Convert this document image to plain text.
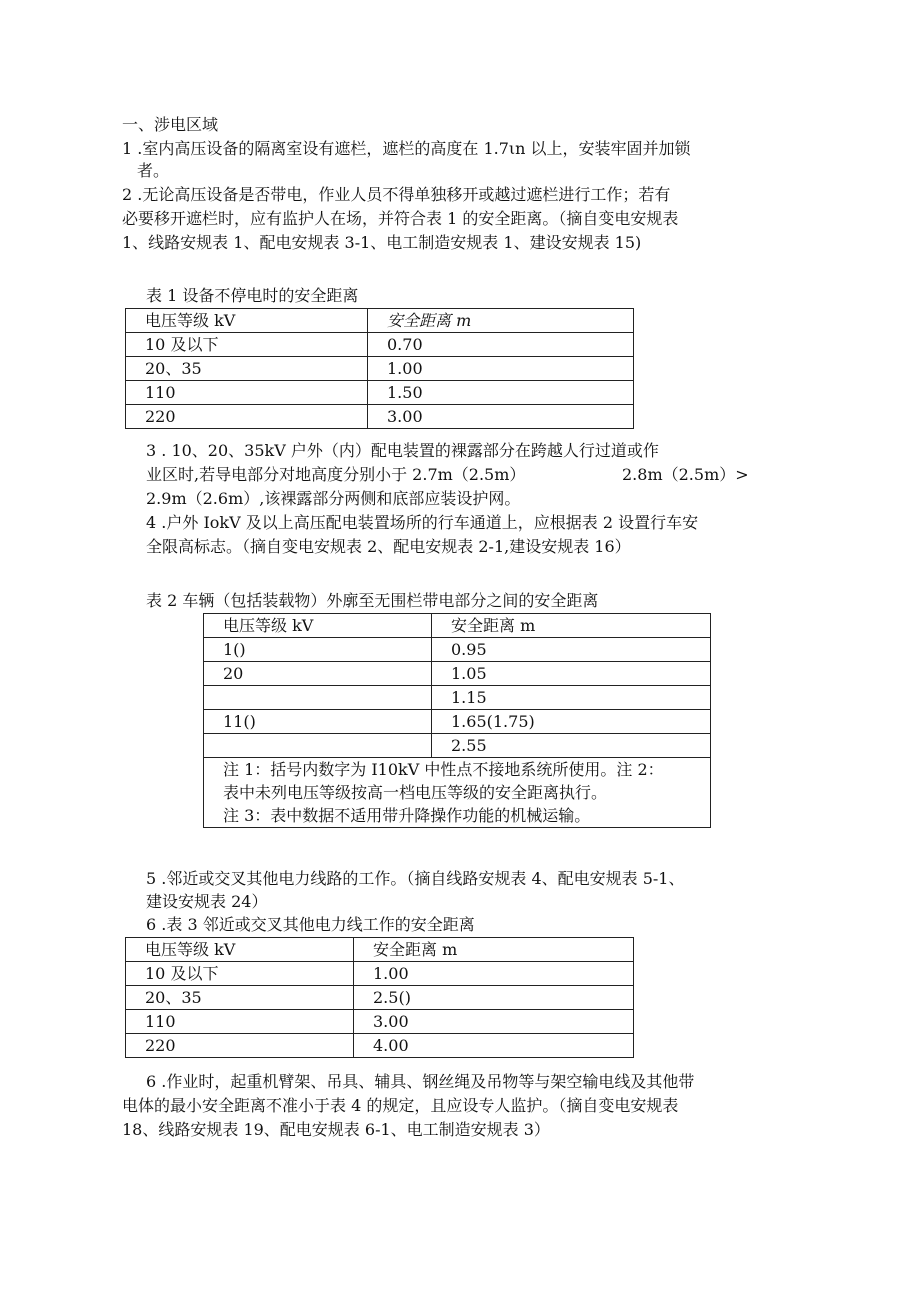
一、涉电区域
1 .室内高压设备的隔离室设有遮栏，遮栏的高度在 1.7ιn 以上，安装牢固并加锁
者。
2 .无论高压设备是否带电，作业人员不得单独移开或越过遮栏进行工作；若有
必要移开遮栏时，应有监护人在场，并符合表 1 的安全距离。（摘自变电安规表
1、线路安规表 1、配电安规表 3-1、电工制造安规表 1、建设安规表 15)
表 1 设备不停电时的安全距离
电压等级 kV	安全距离 m
10 及以下	0.70
20、35	1.00
110	1.50
220	3.00
3 . 10、20、35kV 户外（内）配电装置的裸露部分在跨越人行过道或作
业区时,若导电部分对地高度分别小于 2.7m（2.5m）	2.8m（2.5m）>
2.9m（2.6m）,该裸露部分两侧和底部应装设护网。
4 .户外 IokV 及以上高压配电装置场所的行车通道上，应根据表 2 设置行车安
全限高标志。（摘自变电安规表 2、配电安规表 2-1,建设安规表 16）
表 2 车辆（包括装载物）外廓至无围栏带电部分之间的安全距离
电压等级 kV	安全距离 m
1()	0.95
20	1.05
	1.15
11()	1.65(1.75)
	2.55

注 1：括号内数字为 I10kV 中性点不接地系统所使用。注 2：
表中未列电压等级按高一档电压等级的安全距离执行。
注 3：表中数据不适用带升降操作功能的机械运输。	
5 .邻近或交叉其他电力线路的工作。（摘自线路安规表 4、配电安规表 5-1、
建设安规表 24）
6 .表 3 邻近或交叉其他电力线工作的安全距离
电压等级 kV	安全距离 m
10 及以下	1.00
20、35	2.5()
110	3.00
220	4.00
6 .作业时，起重机臂架、吊具、辅具、钢丝绳及吊物等与架空输电线及其他带
电体的最小安全距离不准小于表 4 的规定，且应设专人监护。（摘自变电安规表
18、线路安规表 19、配电安规表 6-1、电工制造安规表 3）
